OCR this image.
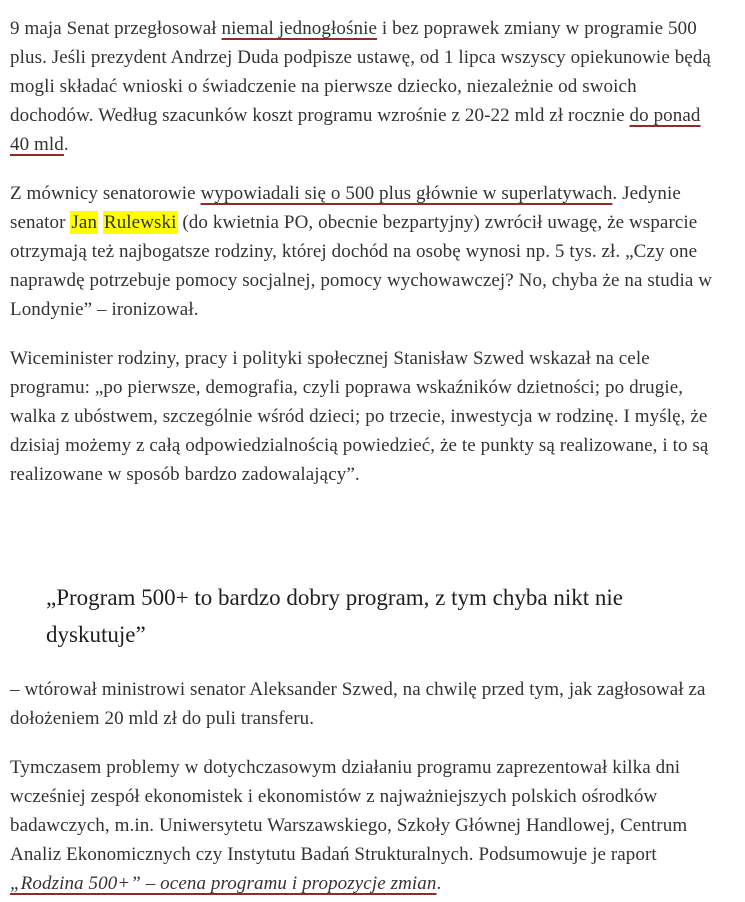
9 maja Senat przegłosował niemal jednogłośnie i bez poprawek zmiany w programie 500 plus. Jeśli prezydent Andrzej Duda podpisze ustawę, od 1 lipca wszyscy opiekunowie będą mogli składać wnioski o świadczenie na pierwsze dziecko, niezależnie od swoich dochodów. Według szacunków koszt programu wzrośnie z 20-22 mld zł rocznie do ponad 40 mld.

Z mównicy senatorowie wypowiadali się o 500 plus głównie w superlatywach. Jedynie senator Jan Rulewski (do kwietnia PO, obecnie bezpartyjny) zwrócił uwagę, że wsparcie otrzymają też najbogatsze rodziny, której dochód na osobę wynosi np. 5 tys. zł. „Czy one naprawdę potrzebuje pomocy socjalnej, pomocy wychowawczej? No, chyba że na studia w Londynie” – ironizował.

Wiceminister rodziny, pracy i polityki społecznej Stanisław Szwed wskazał na cele programu: „po pierwsze, demografia, czyli poprawa wskaźników dzietności; po drugie, walka z ubóstwem, szczególnie wśród dzieci; po trzecie, inwestycja w rodzinę. I myślę, że dzisiaj możemy z całą odpowiedzialnością powiedzieć, że te punkty są realizowane, i to są realizowane w sposób bardzo zadowalający”.

„Program 500+ to bardzo dobry program, z tym chyba nikt nie dyskutuje”

– wtórował ministrowi senator Aleksander Szwed, na chwilę przed tym, jak zagłosował za dołożeniem 20 mld zł do puli transferu.

Tymczasem problemy w dotychczasowym działaniu programu zaprezentował kilka dni wcześniej zespół ekonomistek i ekonomistów z najważniejszych polskich ośrodków badawczych, m.in. Uniwersytetu Warszawskiego, Szkoły Głównej Handlowej, Centrum Analiz Ekonomicznych czy Instytutu Badań Strukturalnych. Podsumowuje je raport „Rodzina 500+” – ocena programu i propozycje zmian.
